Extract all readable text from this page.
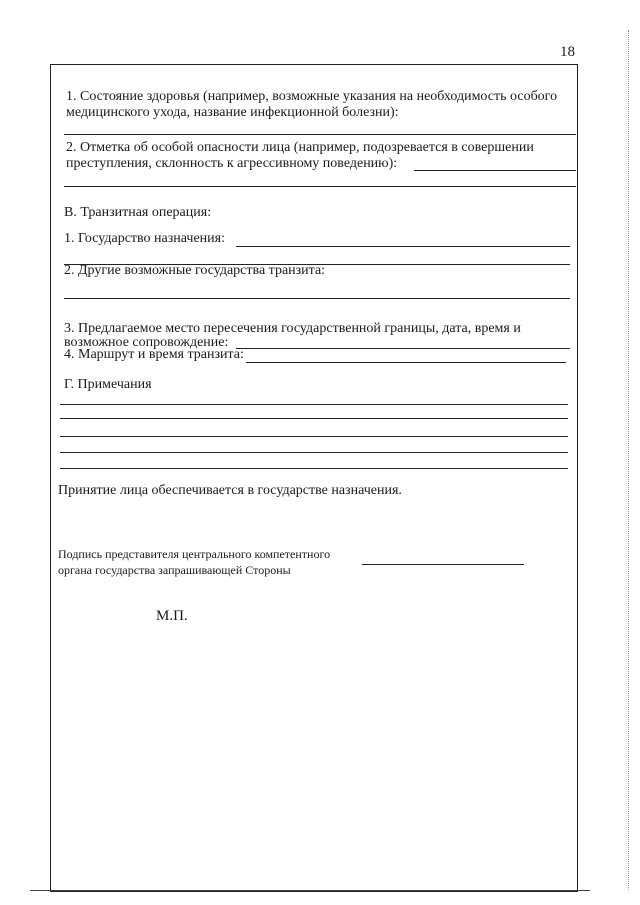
18
1. Состояние здоровья (например, возможные указания на необходимость особого
медицинского ухода, название инфекционной болезни):
2. Отметка об особой опасности лица (например, подозревается в совершении
преступления, склонность к агрессивному поведению):
В. Транзитная операция:
1. Государство назначения:
2. Другие возможные государства транзита:
3. Предлагаемое место пересечения государственной границы, дата, время и
возможное сопровождение:
4. Маршрут и время транзита:
Г. Примечания
Принятие лица обеспечивается в государстве назначения.
Подпись представителя центрального компетентного
органа государства запрашивающей Стороны
М.П.
